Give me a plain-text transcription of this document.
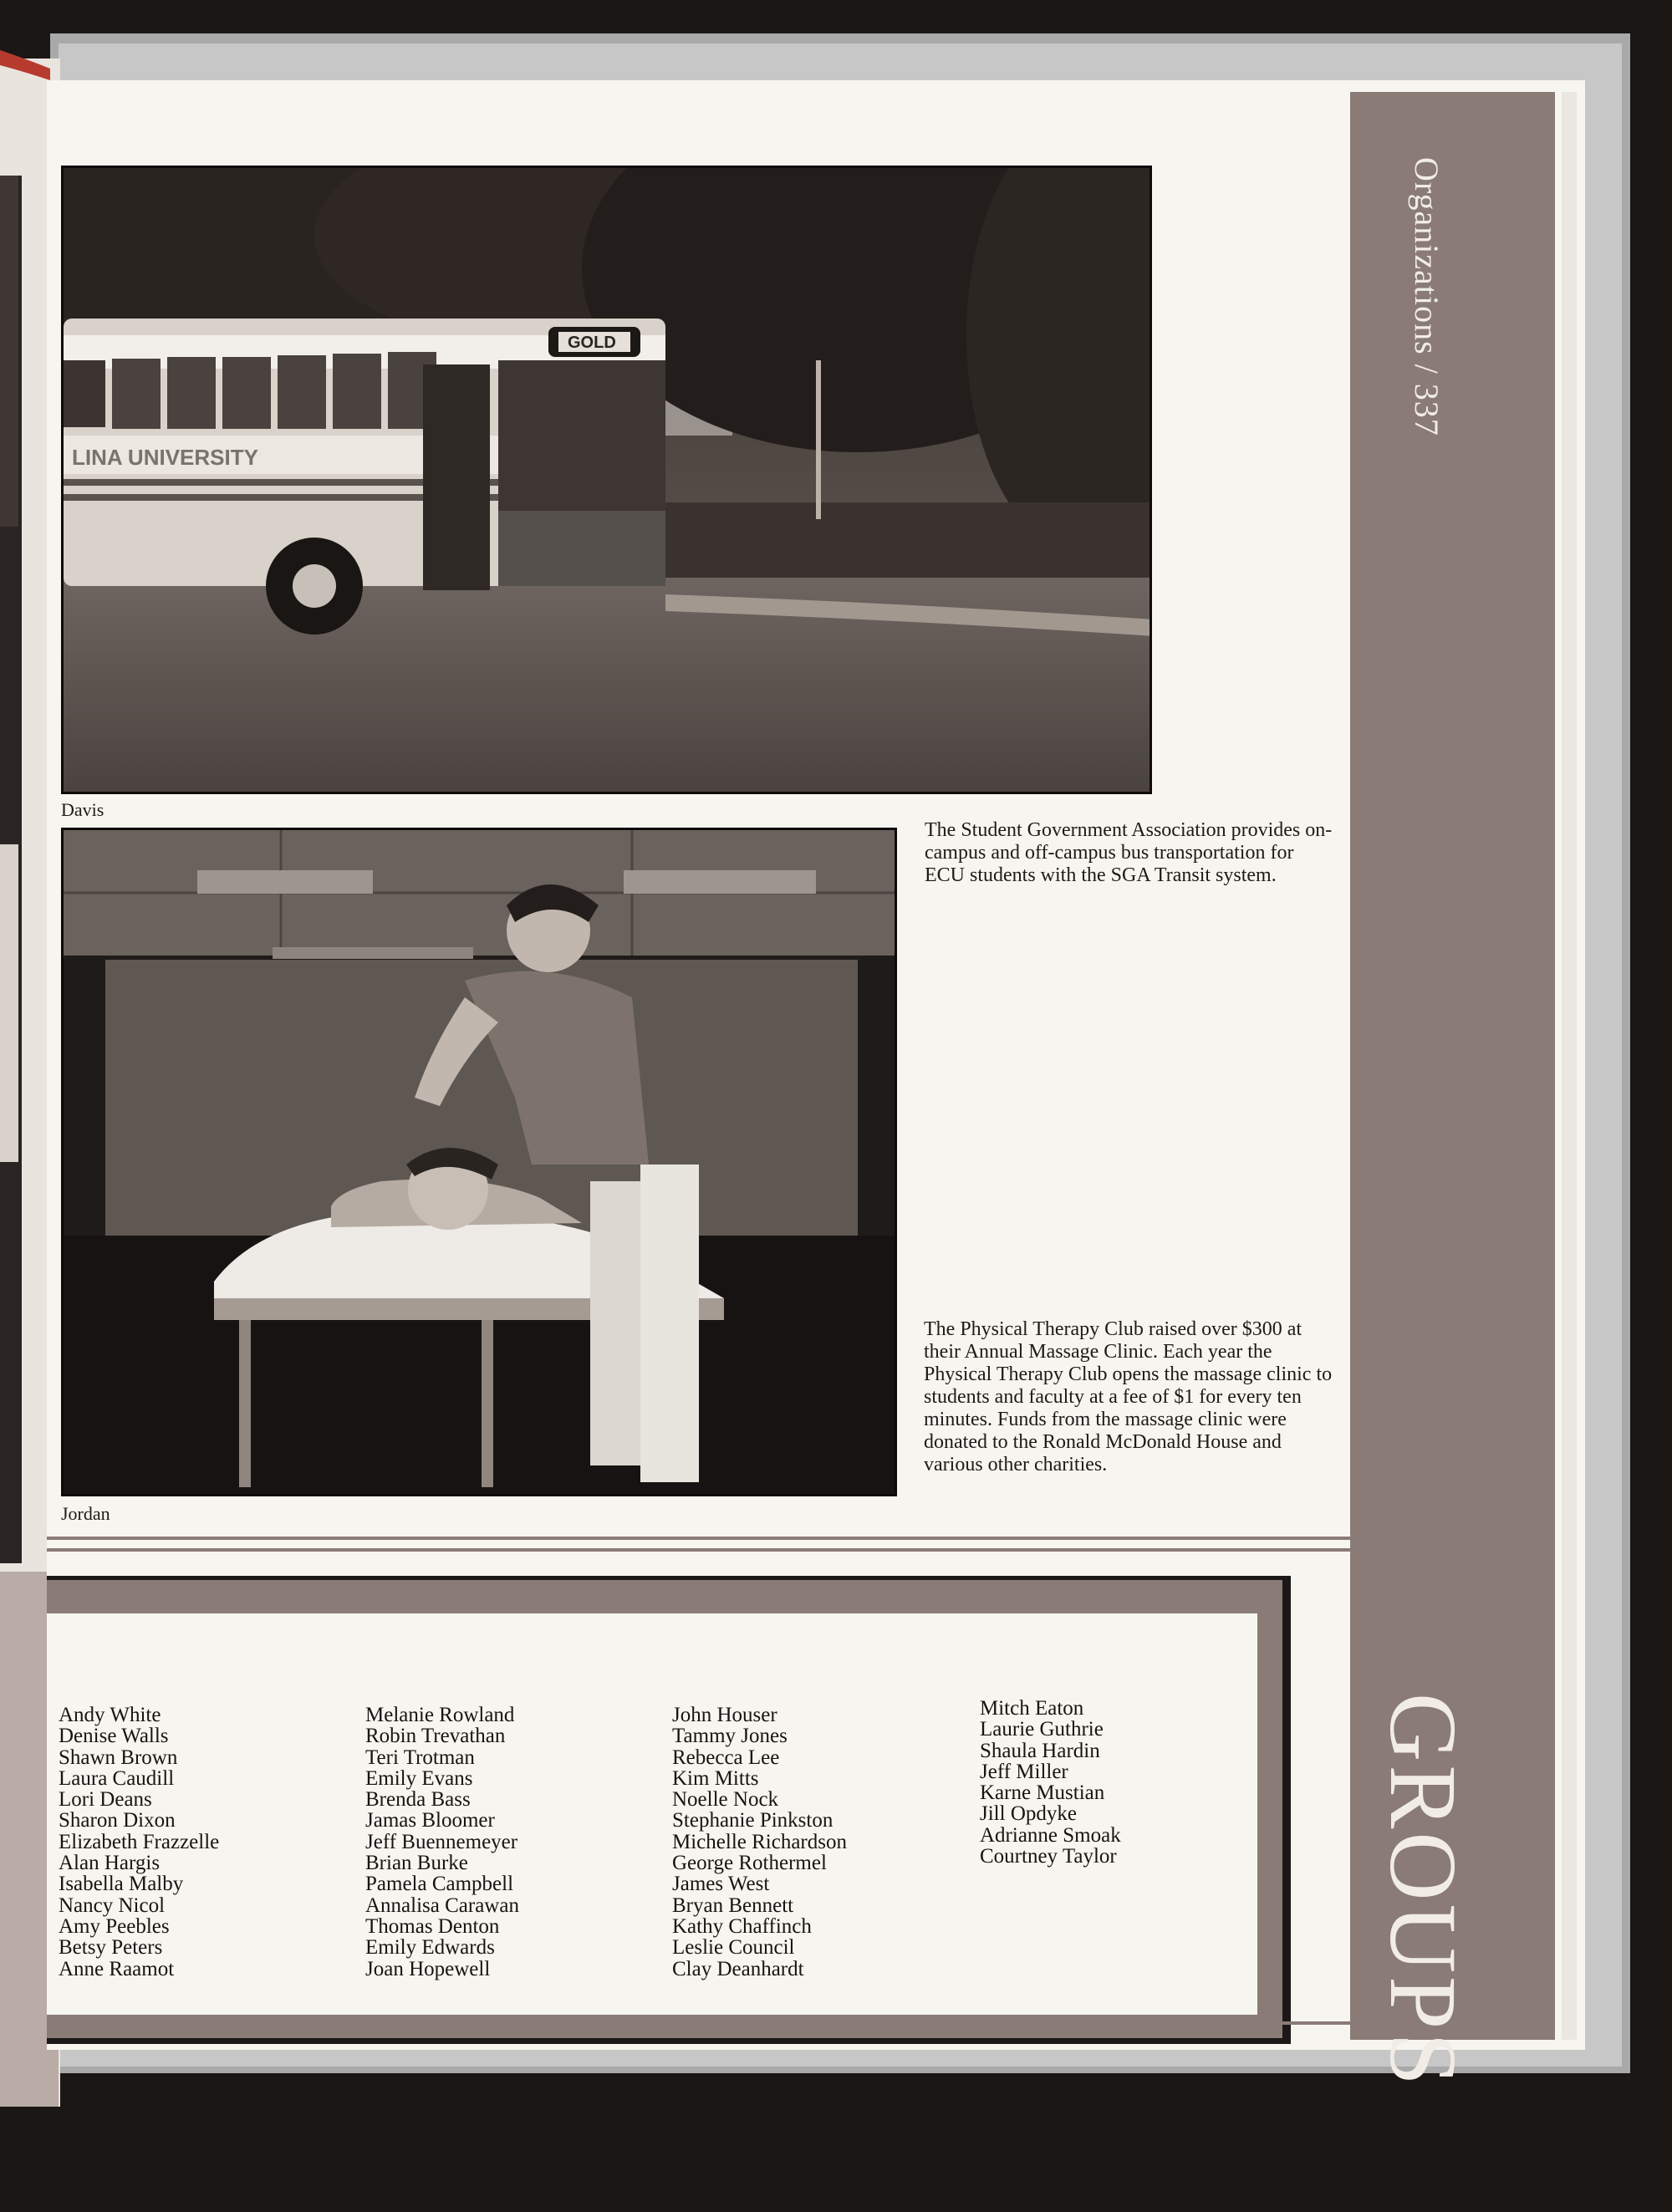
Organizations / 337
GROUPS
LINA UNIVERSITY
GOLD
Davis
Jordan

The Student Government Association provides on-campus and off-campus bus transportation for ECU students with the SGA Transit system.

The Physical Therapy Club raised over $300 at their Annual Massage Clinic. Each year the Physical Therapy Club opens the massage clinic to students and faculty at a fee of $1 for every ten minutes. Funds from the massage clinic were donated to the Ronald McDonald House and various other charities.

Andy White
Denise Walls
Shawn Brown
Laura Caudill
Lori Deans
Sharon Dixon
Elizabeth Frazzelle
Alan Hargis
Isabella Malby
Nancy Nicol
Amy Peebles
Betsy Peters
Anne Raamot
Melanie Rowland
Robin Trevathan
Teri Trotman
Emily Evans
Brenda Bass
Jamas Bloomer
Jeff Buennemeyer
Brian Burke
Pamela Campbell
Annalisa Carawan
Thomas Denton
Emily Edwards
Joan Hopewell
John Houser
Tammy Jones
Rebecca Lee
Kim Mitts
Noelle Nock
Stephanie Pinkston
Michelle Richardson
George Rothermel
James West
Bryan Bennett
Kathy Chaffinch
Leslie Council
Clay Deanhardt
Mitch Eaton
Laurie Guthrie
Shaula Hardin
Jeff Miller
Karne Mustian
Jill Opdyke
Adrianne Smoak
Courtney Taylor
